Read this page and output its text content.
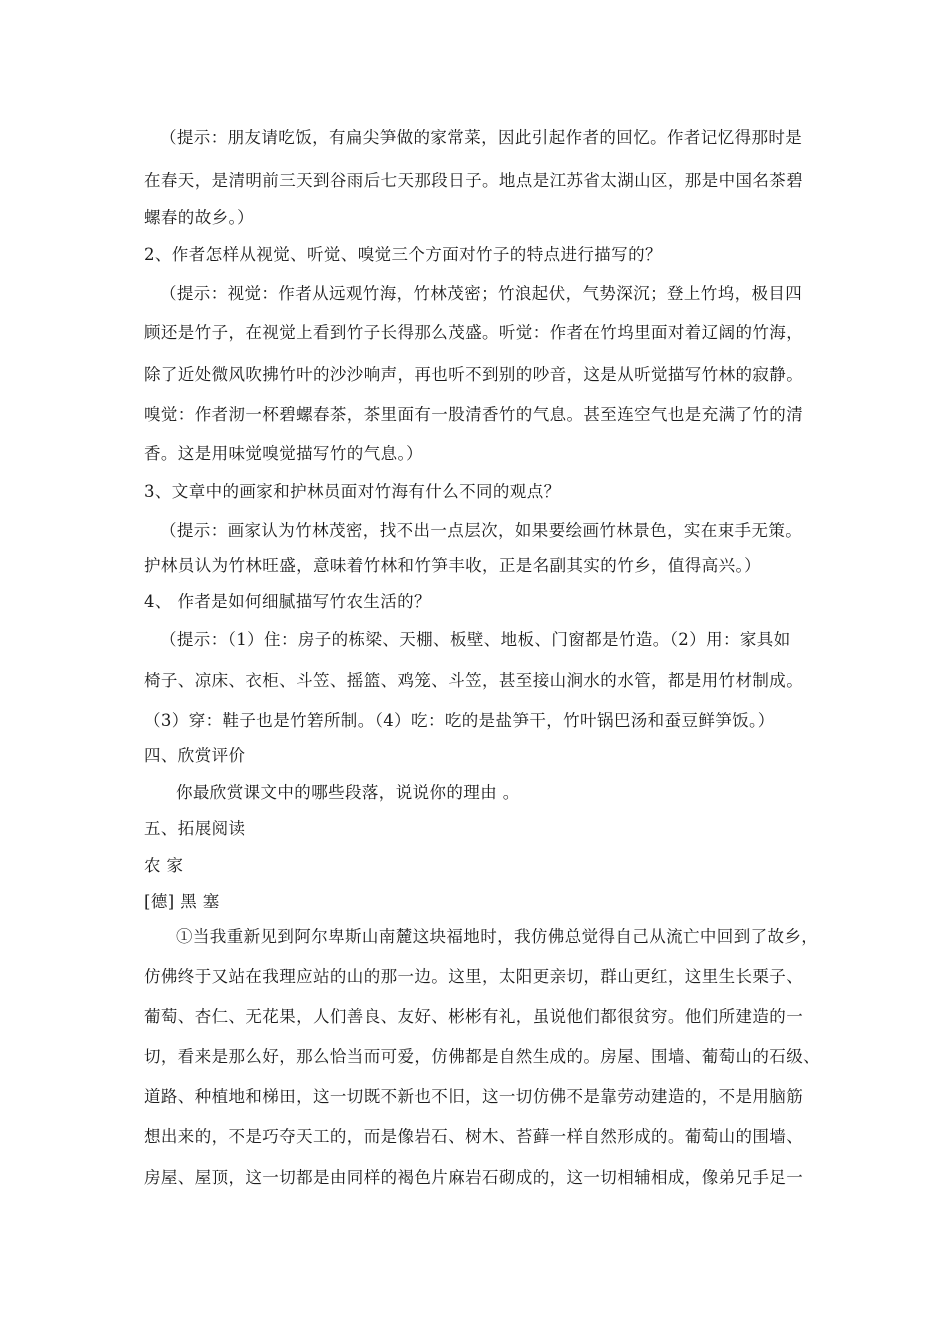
（提示：朋友请吃饭，有扁尖笋做的家常菜，因此引起作者的回忆。作者记忆得那时是
在春天，是清明前三天到谷雨后七天那段日子。地点是江苏省太湖山区，那是中国名茶碧
螺春的故乡。）
2、作者怎样从视觉、听觉、嗅觉三个方面对竹子的特点进行描写的？
（提示：视觉：作者从远观竹海，竹林茂密；竹浪起伏，气势深沉；登上竹坞，极目四
顾还是竹子，在视觉上看到竹子长得那么茂盛。听觉：作者在竹坞里面对着辽阔的竹海，
除了近处微风吹拂竹叶的沙沙响声，再也听不到别的吵音，这是从听觉描写竹林的寂静。
嗅觉：作者沏一杯碧螺春茶，茶里面有一股清香竹的气息。甚至连空气也是充满了竹的清
香。这是用味觉嗅觉描写竹的气息。）
3、文章中的画家和护林员面对竹海有什么不同的观点？
（提示：画家认为竹林茂密，找不出一点层次，如果要绘画竹林景色，实在束手无策。
护林员认为竹林旺盛，意味着竹林和竹笋丰收，正是名副其实的竹乡，值得高兴。）
4、 作者是如何细腻描写竹农生活的？
（提示：（1）住：房子的栋梁、天棚、板壁、地板、门窗都是竹造。（2）用：家具如
椅子、凉床、衣柜、斗笠、摇篮、鸡笼、斗笠，甚至接山涧水的水管，都是用竹材制成。
（3）穿：鞋子也是竹箬所制。（4）吃：吃的是盐笋干，竹叶锅巴汤和蚕豆鲜笋饭。）
四、欣赏评价
你最欣赏课文中的哪些段落，说说你的理由 。
五、拓展阅读
农 家
[德] 黑 塞
①当我重新见到阿尔卑斯山南麓这块福地时，我仿佛总觉得自己从流亡中回到了故乡，
仿佛终于又站在我理应站的山的那一边。这里，太阳更亲切，群山更红，这里生长栗子、
葡萄、杏仁、无花果，人们善良、友好、彬彬有礼，虽说他们都很贫穷。他们所建造的一
切，看来是那么好，那么恰当而可爱，仿佛都是自然生成的。房屋、围墙、葡萄山的石级、
道路、种植地和梯田，这一切既不新也不旧，这一切仿佛不是靠劳动建造的，不是用脑筋
想出来的，不是巧夺天工的，而是像岩石、树木、苔藓一样自然形成的。葡萄山的围墙、
房屋、屋顶，这一切都是由同样的褐色片麻岩石砌成的，这一切相辅相成，像弟兄手足一
